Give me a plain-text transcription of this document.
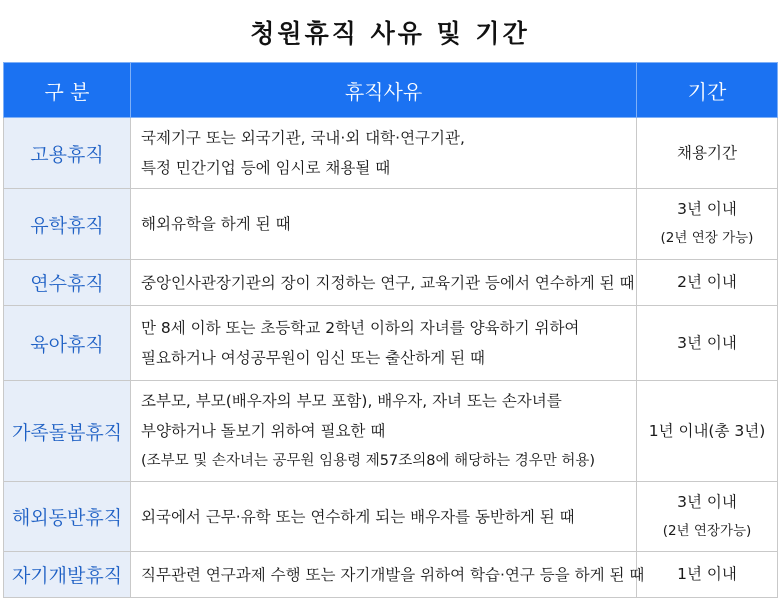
청원휴직 사유 및 기간
구 분	휴직사유	기간
고용휴직	국제기구 또는 외국기관, 국내·외 대학·연구기관,
특정 민간기업 등에 임시로 채용될 때	채용기간

유학휴직	해외유학을 하게 된 때	3년 이내
(2년 연장 가능)

연수휴직	중앙인사관장기관의 장이 지정하는 연구, 교육기관 등에서 연수하게 된 때	2년 이내

육아휴직	만 8세 이하 또는 초등학교 2학년 이하의 자녀를 양육하기 위하여
필요하거나 여성공무원이 임신 또는 출산하게 된 때	3년 이내

가족돌봄휴직	조부모, 부모(배우자의 부모 포함), 배우자, 자녀 또는 손자녀를
부양하거나 돌보기 위하여 필요한 때
(조부모 및 손자녀는 공무원 임용령 제57조의8에 해당하는 경우만 허용)	1년 이내(총 3년)

해외동반휴직	외국에서 근무·유학 또는 연수하게 되는 배우자를 동반하게 된 때	3년 이내
(2년 연장가능)

자기개발휴직	직무관련 연구과제 수행 또는 자기개발을 위하여 학습·연구 등을 하게 된 때	1년 이내
